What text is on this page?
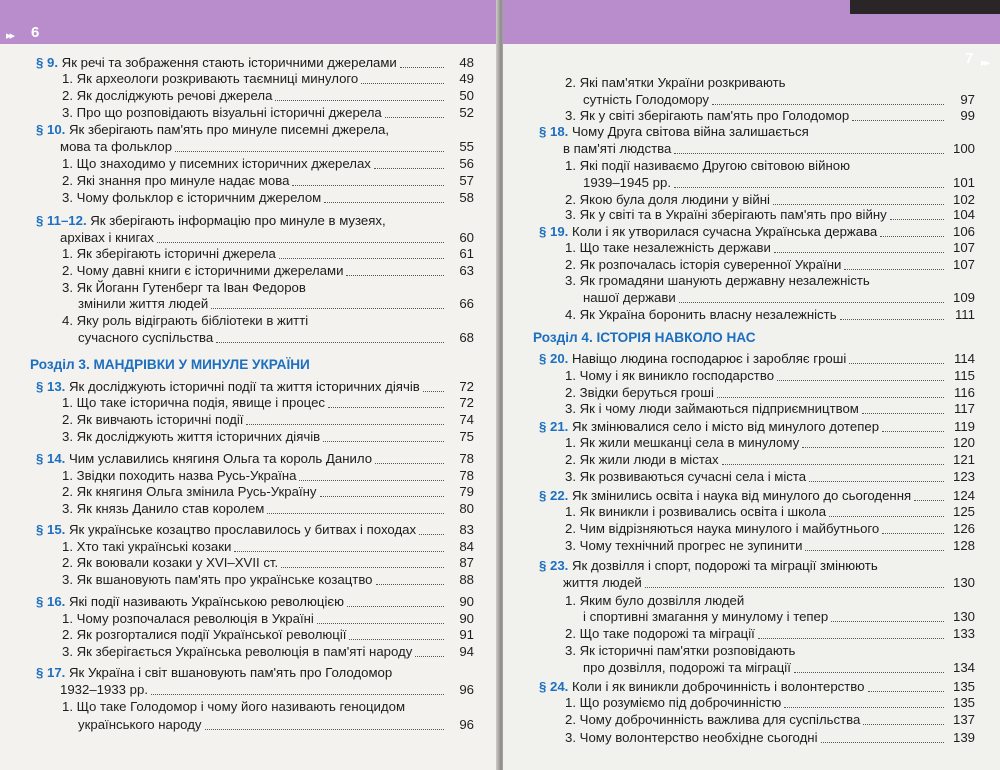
▸▸ 6
§ 9. Як речі та зображення стають історичними джерелами	48
1. Як археологи розкривають таємниці минулого	49
2. Як досліджують речові джерела	50
3. Про що розповідають візуальні історичні джерела	52
§ 10. Як зберігають пам'ять про минуле писемні джерела,
мова та фольклор	55
1. Що знаходимо у писемних історичних джерелах	56
2. Які знання про минуле надає мова	57
3. Чому фольклор є історичним джерелом	58
§ 11–12. Як зберігають інформацію про минуле в музеях,
архівах і книгах	60
1. Як зберігають історичні джерела	61
2. Чому давні книги є історичними джерелами	63
3. Як Йоганн Гутенберг та Іван Федоров
змінили життя людей	66
4. Яку роль відіграють бібліотеки в житті
сучасного суспільства	68
Розділ 3. МАНДРІВКИ У МИНУЛЕ УКРАЇНИ
§ 13. Як досліджують історичні події та життя історичних діячів	72
1. Що таке історична подія, явище і процес	72
2. Як вивчають історичні події	74
3. Як досліджують життя історичних діячів	75
§ 14. Чим уславились княгиня Ольга та король Данило	78
1. Звідки походить назва Русь-Україна	78
2. Як княгиня Ольга змінила Русь-Україну	79
3. Як князь Данило став королем	80
§ 15. Як українське козацтво прославилось у битвах і походах	83
1. Хто такі українські козаки	84
2. Як воювали козаки у XVI–XVII ст.	87
3. Як вшановують пам'ять про українське козацтво	88
§ 16. Які події називають Українською революцією	90
1. Чому розпочалася революція в Україні	90
2. Як розгорталися події Української революції	91
3. Як зберігається Українська революція в пам'яті народу	94
§ 17. Як Україна і світ вшановують пам'ять про Голодомор
1932–1933 рр.	96
1. Що таке Голодомор і чому його називають геноцидом
українського народу	96
7 ▸▸
2. Які пам'ятки України розкривають
сутність Голодомору	97
3. Як у світі зберігають пам'ять про Голодомор	99
§ 18. Чому Друга світова війна залишається
в пам'яті людства	100
1. Які події називаємо Другою світовою війною
1939–1945 рр.	101
2. Якою була доля людини у війні	102
3. Як у світі та в Україні зберігають пам'ять про війну	104
§ 19. Коли і як утворилася сучасна Українська держава	106
1. Що таке незалежність держави	107
2. Як розпочалась історія суверенної України	107
3. Як громадяни шанують державну незалежність
нашої держави	109
4. Як Україна боронить власну незалежність	111
Розділ 4. ІСТОРІЯ НАВКОЛО НАС
§ 20. Навіщо людина господарює і заробляє гроші	114
1. Чому і як виникло господарство	115
2. Звідки беруться гроші	116
3. Як і чому люди займаються підприємництвом	117
§ 21. Як змінювалися село і місто від минулого дотепер	119
1. Як жили мешканці села в минулому	120
2. Як жили люди в містах	121
3. Як розвиваються сучасні села і міста	123
§ 22. Як змінились освіта і наука від минулого до сьогодення	124
1. Як виникли і розвивались освіта і школа	125
2. Чим відрізняються наука минулого і майбутнього	126
3. Чому технічний прогрес не зупинити	128
§ 23. Як дозвілля і спорт, подорожі та міграції змінюють
життя людей	130
1. Яким було дозвілля людей
і спортивні змагання у минулому і тепер	130
2. Що таке подорожі та міграції	133
3. Як історичні пам'ятки розповідають
про дозвілля, подорожі та міграції	134
§ 24. Коли і як виникли доброчинність і волонтерство	135
1. Що розуміємо під доброчинністю	135
2. Чому доброчинність важлива для суспільства	137
3. Чому волонтерство необхідне сьогодні	139
